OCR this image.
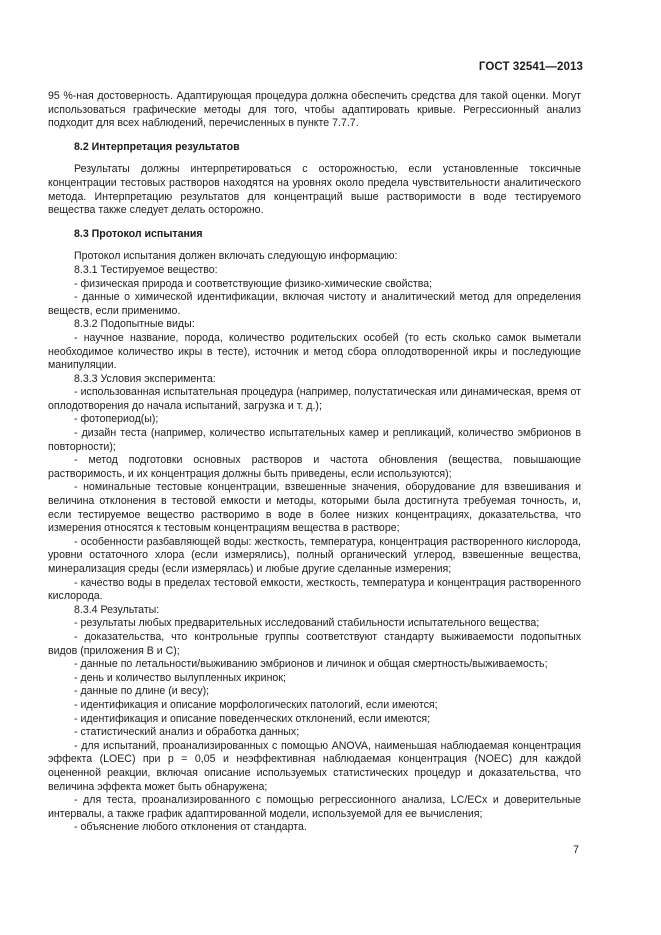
ГОСТ 32541—2013

95 %-ная достоверность. Адаптирующая процедура должна обеспечить средства для такой оценки. Могут использоваться графические методы для того, чтобы адаптировать кривые. Регрессионный анализ подходит для всех наблюдений, перечисленных в пункте 7.7.7.

8.2 Интерпретация результатов

Результаты должны интерпретироваться с осторожностью, если установленные токсичные концентрации тестовых растворов находятся на уровнях около предела чувствительности аналитического метода. Интерпретацию результатов для концентраций выше растворимости в воде тестируемого вещества также следует делать осторожно.

8.3 Протокол испытания

Протокол испытания должен включать следующую информацию:

8.3.1 Тестируемое вещество:

- физическая природа и соответствующие физико-химические свойства;

- данные о химической идентификации, включая чистоту и аналитический метод для определения веществ, если применимо.

8.3.2 Подопытные виды:

- научное название, порода, количество родительских особей (то есть сколько самок выметали необходимое количество икры в тесте), источник и метод сбора оплодотворенной икры и последующие манипуляции.

8.3.3 Условия эксперимента:

- использованная испытательная процедура (например, полустатическая или динамическая, время от оплодотворения до начала испытаний, загрузка и т. д.);

- фотопериод(ы);

- дизайн теста (например, количество испытательных камер и репликаций, количество эмбрионов в повторности);

- метод подготовки основных растворов и частота обновления (вещества, повышающие растворимость, и их концентрация должны быть приведены, если используются);

- номинальные тестовые концентрации, взвешенные значения, оборудование для взвешивания и величина отклонения в тестовой емкости и методы, которыми была достигнута требуемая точность, и, если тестируемое вещество растворимо в воде в более низких концентрациях, доказательства, что измерения относятся к тестовым концентрациям вещества в растворе;

- особенности разбавляющей воды: жесткость, температура, концентрация растворенного кислорода, уровни остаточного хлора (если измерялись), полный органический углерод, взвешенные вещества, минерализация среды (если измерялась) и любые другие сделанные измерения;

- качество воды в пределах тестовой емкости, жесткость, температура и концентрация растворенного кислорода.

8.3.4 Результаты:

- результаты любых предварительных исследований стабильности испытательного вещества;

- доказательства, что контрольные группы соответствуют стандарту выживаемости подопытных видов (приложения В и С);

- данные по летальности/выживанию эмбрионов и личинок и общая смертность/выживаемость;

- день и количество вылупленных икринок;

- данные по длине (и весу);

- идентификация и описание морфологических патологий, если имеются;

- идентификация и описание поведенческих отклонений, если имеются;

- статистический анализ и обработка данных;

- для испытаний, проанализированных с помощью ANOVA, наименьшая наблюдаемая концентрация эффекта (LOEC) при p = 0,05 и неэффективная наблюдаемая концентрация (NOEC) для каждой оцененной реакции, включая описание используемых статистических процедур и доказательства, что величина эффекта может быть обнаружена;

- для теста, проанализированного с помощью регрессионного анализа, LC/ECx и доверительные интервалы, а также график адаптированной модели, используемой для ее вычисления;

- объяснение любого отклонения от стандарта.

7
